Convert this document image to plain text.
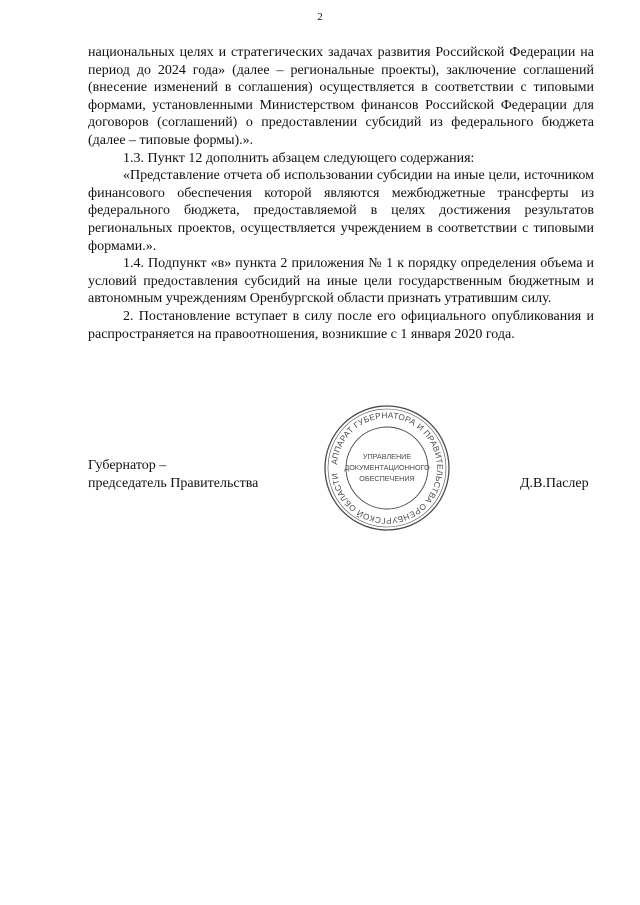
2

национальных целях и стратегических задачах развития Российской Федерации на период до 2024 года» (далее – региональные проекты), заключение соглашений (внесение изменений в соглашения) осуществляется в соответствии с типовыми формами, установленными Министерством финансов Российской Федерации для договоров (соглашений) о предоставлении субсидий из федерального бюджета (далее – типовые формы).».

1.3. Пункт 12 дополнить абзацем следующего содержания:

«Представление отчета об использовании субсидии на иные цели, источником финансового обеспечения которой являются межбюджетные трансферты из федерального бюджета, предоставляемой в целях достижения результатов региональных проектов, осуществляется учреждением в соответствии с типовыми формами.».

1.4. Подпункт «в» пункта 2 приложения № 1 к порядку определения объема и условий предоставления субсидий на иные цели государственным бюджетным и автономным учреждениям Оренбургской области признать утратившим силу.

2. Постановление вступает в силу после его официального опубликования и распространяется на правоотношения, возникшие с 1 января 2020 года.

Губернатор –
председатель Правительства	Д.В.Паслер
АППАРАТ ГУБЕРНАТОРА И ПРАВИТЕЛЬСТВА ОРЕНБУРГСКОЙ ОБЛАСТИ
УПРАВЛЕНИЕ
ДОКУМЕНТАЦИОННОГО
ОБЕСПЕЧЕНИЯ
